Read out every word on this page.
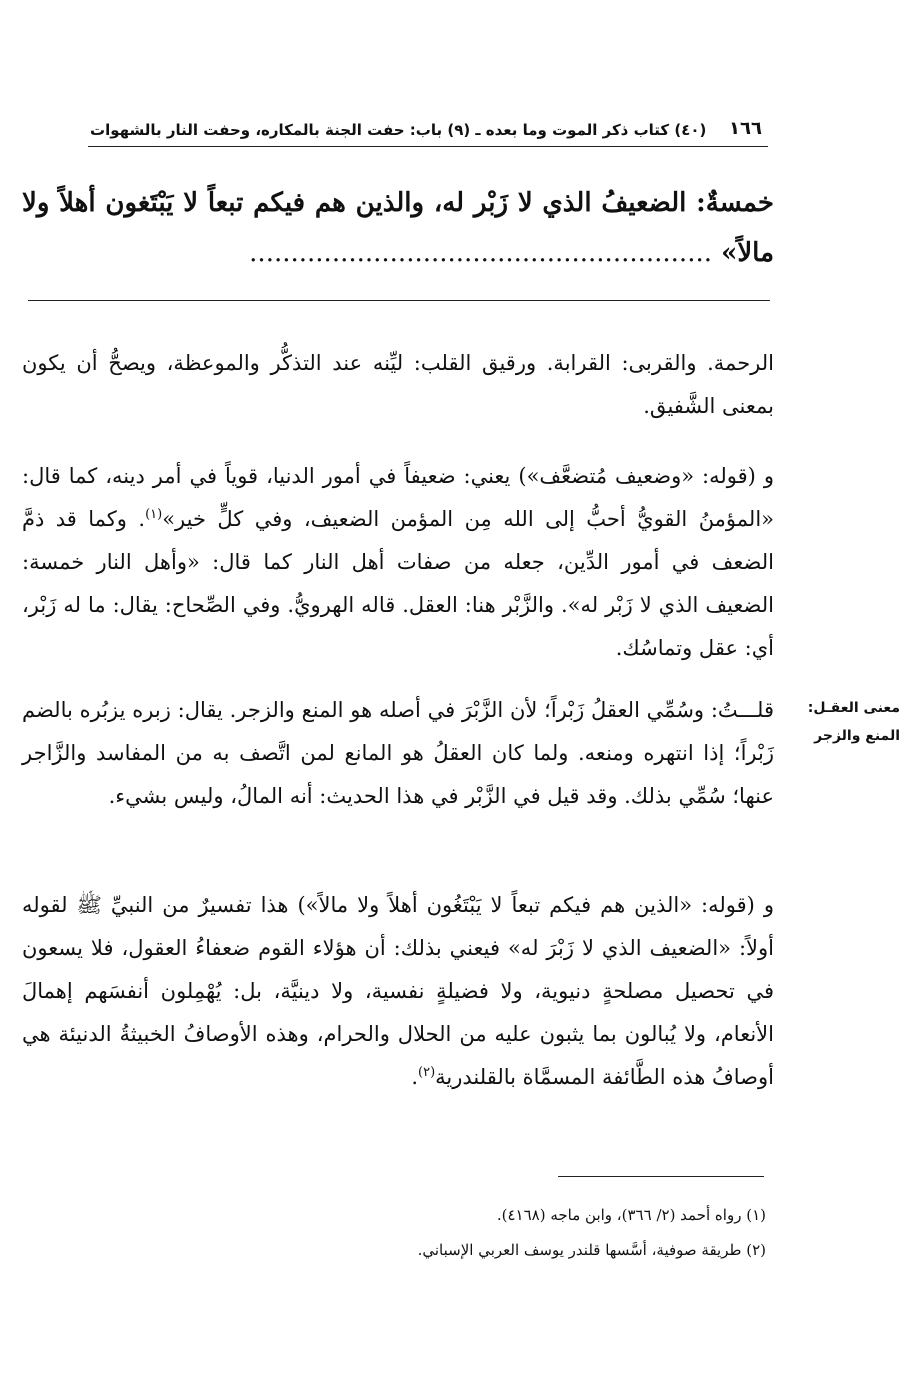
١٦٦
(٤٠) كتاب ذكر الموت وما بعده ـ (٩) باب: حفت الجنة بالمكاره، وحفت النار بالشهوات
خمسةٌ: الضعيفُ الذي لا زَبْر له، والذين هم فيكم تبعاً لا يَبْتَغون أهلاً ولا مالاً» ........................................................
الرحمة. والقربى: القرابة. ورقيق القلب: ليِّنه عند التذكُّر والموعظة، ويصحُّ أن يكون بمعنى الشَّفيق.
و (قوله: «وضعيف مُتضعَّف») يعني: ضعيفاً في أمور الدنيا، قوياً في أمر دينه، كما قال: «المؤمنُ القويُّ أحبُّ إلى الله مِن المؤمن الضعيف، وفي كلٍّ خير»$^{(١)}$. وكما قد ذمَّ الضعف في أمور الدِّين، جعله من صفات أهل النار كما قال: «وأهل النار خمسة: الضعيف الذي لا زَبْر له». والزَّبْر هنا: العقل. قاله الهرويُّ. وفي الصِّحاح: يقال: ما له زَبْر، أي: عقل وتماسُك.
قلـــتُ: وسُمِّي العقلُ زَبْراً؛ لأن الزَّبْرَ في أصله هو المنع والزجر. يقال: زبره يزبُره بالضم زَبْراً؛ إذا انتهره ومنعه. ولما كان العقلُ هو المانع لمن اتَّصف به من المفاسد والزَّاجر عنها؛ سُمِّي بذلك. وقد قيل في الزَّبْر في هذا الحديث: أنه المالُ، وليس بشيء.
معنى العقـل:
المنع والزجر
و (قوله: «الذين هم فيكم تبعاً لا يَبْتَغُون أهلاً ولا مالاً») هذا تفسيرٌ من النبيِّ ﷺ لقوله أولاً: «الضعيف الذي لا زَبْرَ له» فيعني بذلك: أن هؤلاء القوم ضعفاءُ العقول، فلا يسعون في تحصيل مصلحةٍ دنيوية، ولا فضيلةٍ نفسية، ولا دينيَّة، بل: يُهْمِلون أنفسَهم إهمالَ الأنعام، ولا يُبالون بما يثبون عليه من الحلال والحرام، وهذه الأوصافُ الخبيثةُ الدنيئة هي أوصافُ هذه الطَّائفة المسمَّاة بالقلندرية$^{(٢)}$.
(١) رواه أحمد (٢/ ٣٦٦)، وابن ماجه (٤١٦٨).
(٢) طريقة صوفية، أسَّسها قلندر يوسف العربي الإسباني.
